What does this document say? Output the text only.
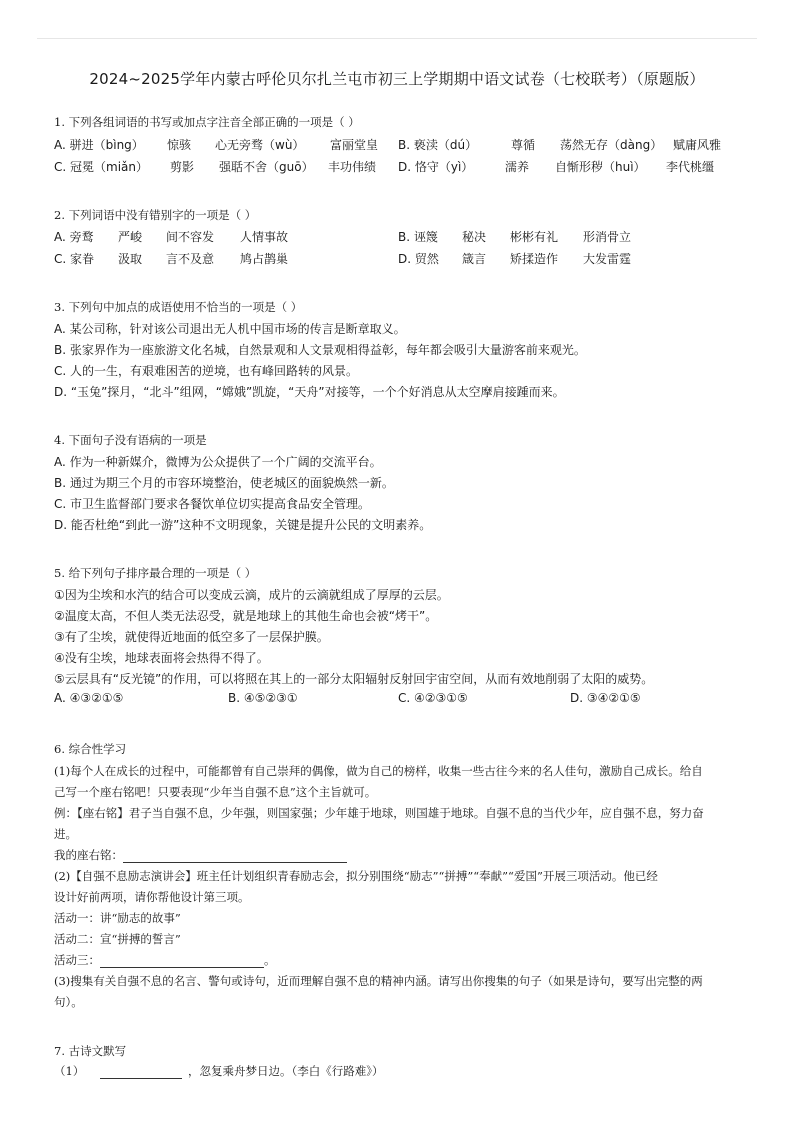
2024~2025学年内蒙古呼伦贝尔扎兰屯市初三上学期期中语文试卷（七校联考）（原题版）
1. 下列各组词语的书写或加点字注音全部正确的一项是（ ）
A. 骈进（bìng） 惊骇 心无旁骛（wù） 富丽堂皇 B. 亵渎（dú）	尊循 荡然无存（dàng） 赋庸风雅
C. 冠冕（miǎn） 剪影 强聒不舍（guō） 丰功伟绩 D. 恪守（yì）	濡养 自惭形秽（huì） 李代桃缰
2. 下列词语中没有错别字的一项是（ ）
A. 旁鹜 严峻 间不容发 人情事故	B. 诬篾 秘决 彬彬有礼 形消骨立
C. 家眷 汲取 言不及意 鸠占鹊巢	D. 贸然 箴言 矫揉造作 大发雷霆
3. 下列句中加点的成语使用不恰当的一项是（ ）
A. 某公司称，针对该公司退出无人机中国市场的传言是断章取义。
B. 张家界作为一座旅游文化名城，自然景观和人文景观相得益彰，每年都会吸引大量游客前来观光。
C. 人的一生，有艰难困苦的逆境，也有峰回路转的风景。
D. “玉兔”探月，“北斗”组网，“嫦娥”凯旋，“天舟”对接等，一个个好消息从太空摩肩接踵而来。
4. 下面句子没有语病的一项是
A. 作为一种新媒介，微博为公众提供了一个广阔的交流平台。
B. 通过为期三个月的市容环境整治，使老城区的面貌焕然一新。
C. 市卫生监督部门要求各餐饮单位切实提高食品安全管理。
D. 能否杜绝“到此一游”这种不文明现象，关键是提升公民的文明素养。
5. 给下列句子排序最合理的一项是（ ）
①因为尘埃和水汽的结合可以变成云滴，成片的云滴就组成了厚厚的云层。
②温度太高，不但人类无法忍受，就是地球上的其他生命也会被“烤干”。
③有了尘埃，就使得近地面的低空多了一层保护膜。
④没有尘埃，地球表面将会热得不得了。
⑤云层具有“反光镜”的作用，可以将照在其上的一部分太阳辐射反射回宇宙空间，从而有效地削弱了太阳的威势。
A. ④③②①⑤	B. ④⑤②③①	C. ④②③①⑤	D. ③④②①⑤
6. 综合性学习
(1)每个人在成长的过程中，可能都曾有自己崇拜的偶像，做为自己的榜样，收集一些古往今来的名人佳句，激励自己成长。给自
己写一个座右铭吧！只要表现“少年当自强不息”这个主旨就可。
例：【座右铭】君子当自强不息，少年强，则国家强；少年雄于地球，则国雄于地球。自强不息的当代少年，应自强不息，努力奋
进。
我的座右铭：
(2)【自强不息励志演讲会】班主任计划组织青春励志会，拟分别围绕“励志”“拼搏”“奉献”“爱国”开展三项活动。他已经
设计好前两项，请你帮他设计第三项。
活动一：讲“励志的故事”
活动二：宣“拼搏的誓言”
活动三：	。
(3)搜集有关自强不息的名言、警句或诗句，近而理解自强不息的精神内涵。请写出你搜集的句子（如果是诗句，要写出完整的两
句）。
7. 古诗文默写
（1）	，忽复乘舟梦日边。（李白《行路难》）
